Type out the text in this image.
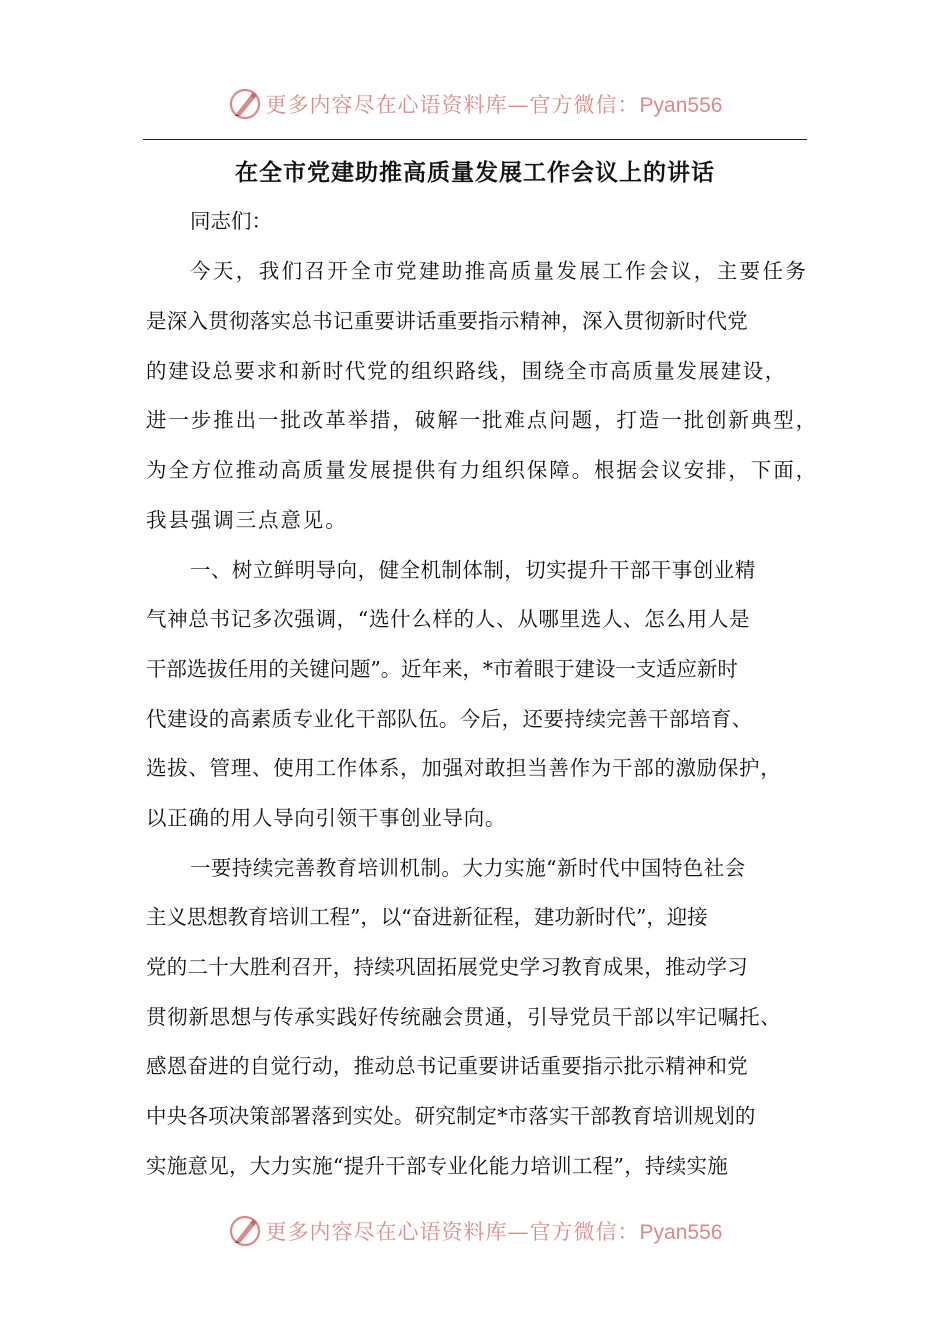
更多内容尽在心语资料库—官方微信：Pyan556
在全市党建助推高质量发展工作会议上的讲话
同志们：
今天，我们召开全市党建助推高质量发展工作会议，主要任务
是深入贯彻落实总书记重要讲话重要指示精神，深入贯彻新时代党
的建设总要求和新时代党的组织路线，围绕全市高质量发展建设，
进一步推出一批改革举措，破解一批难点问题，打造一批创新典型，
为全方位推动高质量发展提供有力组织保障。根据会议安排，下面，
我县强调三点意见。
一、树立鲜明导向，健全机制体制，切实提升干部干事创业精
气神总书记多次强调，“选什么样的人、从哪里选人、怎么用人是
干部选拔任用的关键问题”。近年来，*市着眼于建设一支适应新时
代建设的高素质专业化干部队伍。今后，还要持续完善干部培育、
选拔、管理、使用工作体系，加强对敢担当善作为干部的激励保护，
以正确的用人导向引领干事创业导向。
一要持续完善教育培训机制。大力实施“新时代中国特色社会
主义思想教育培训工程”，以“奋进新征程，建功新时代”，迎接
党的二十大胜利召开，持续巩固拓展党史学习教育成果，推动学习
贯彻新思想与传承实践好传统融会贯通，引导党员干部以牢记嘱托、
感恩奋进的自觉行动，推动总书记重要讲话重要指示批示精神和党
中央各项决策部署落到实处。研究制定*市落实干部教育培训规划的
实施意见，大力实施“提升干部专业化能力培训工程”，持续实施
更多内容尽在心语资料库—官方微信：Pyan556
